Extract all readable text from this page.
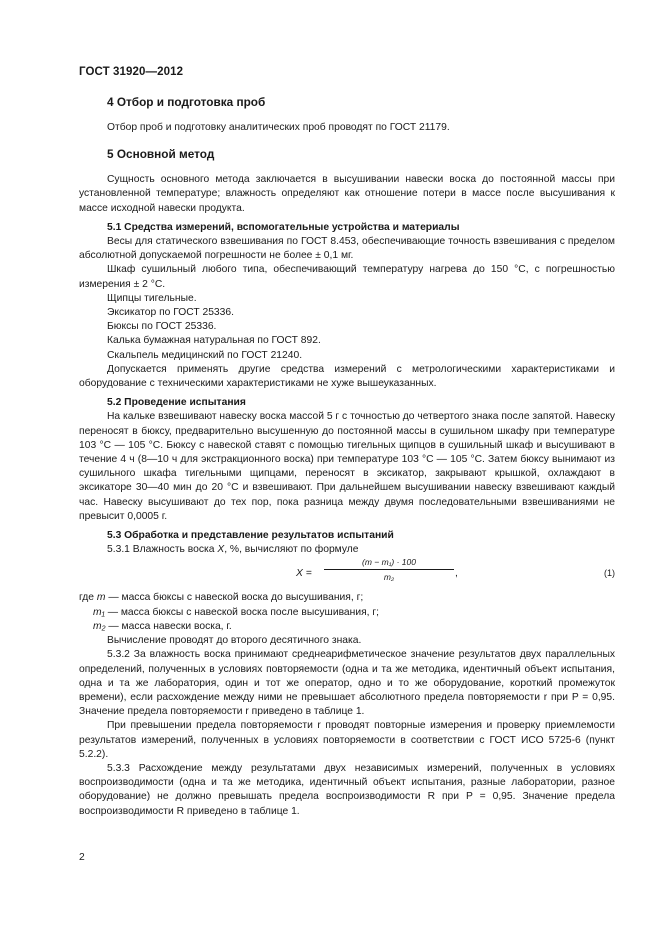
ГОСТ 31920—2012

4 Отбор и подготовка проб

Отбор проб и подготовку аналитических проб проводят по ГОСТ 21179.

5 Основной метод

Сущность основного метода заключается в высушивании навески воска до постоянной массы при установленной температуре; влажность определяют как отношение потери в массе после высушивания к массе исходной навески продукта.

5.1 Средства измерений, вспомогательные устройства и материалы

Весы для статического взвешивания по ГОСТ 8.453, обеспечивающие точность взвешивания с пределом абсолютной допускаемой погрешности не более ± 0,1 мг.

Шкаф сушильный любого типа, обеспечивающий температуру нагрева до 150 °С, с погрешностью измерения ± 2 °С.

Щипцы тигельные.

Эксикатор по ГОСТ 25336.

Бюксы по ГОСТ 25336.

Калька бумажная натуральная по ГОСТ 892.

Скальпель медицинский по ГОСТ 21240.

Допускается применять другие средства измерений с метрологическими характеристиками и оборудование с техническими характеристиками не хуже вышеуказанных.

5.2 Проведение испытания

На кальке взвешивают навеску воска массой 5 г с точностью до четвертого знака после запятой. Навеску переносят в бюксу, предварительно высушенную до постоянной массы в сушильном шкафу при температуре 103 °С — 105 °С. Бюксу с навеской ставят с помощью тигельных щипцов в сушильный шкаф и высушивают в течение 4 ч (8—10 ч для экстракционного воска) при температуре 103 °С — 105 °С. Затем бюксу вынимают из сушильного шкафа тигельными щипцами, переносят в эксикатор, закрывают крышкой, охлаждают в эксикаторе 30—40 мин до 20 °С и взвешивают. При дальнейшем высушивании навеску взвешивают каждый час. Навеску высушивают до тех пор, пока разница между двумя последовательными взвешиваниями не превысит 0,0005 г.

5.3 Обработка и представление результатов испытаний

5.3.1 Влажность воска X, %, вычисляют по формуле

$X = \frac{\text{(m − m₁) · 100}}{\text{m₂}}$ ,	(1)

где m — масса бюксы с навеской воска до высушивания, г;

m₁ — масса бюксы с навеской воска после высушивания, г;

m₂ — масса навески воска, г.

Вычисление проводят до второго десятичного знака.

5.3.2 За влажность воска принимают среднеарифметическое значение результатов двух параллельных определений, полученных в условиях повторяемости (одна и та же методика, идентичный объект испытания, одна и та же лаборатория, один и тот же оператор, одно и то же оборудование, короткий промежуток времени), если расхождение между ними не превышает абсолютного предела повторяемости r при P = 0,95. Значение предела повторяемости r приведено в таблице 1.

При превышении предела повторяемости r проводят повторные измерения и проверку приемлемости результатов измерений, полученных в условиях повторяемости в соответствии с ГОСТ ИСО 5725-6 (пункт 5.2.2).

5.3.3 Расхождение между результатами двух независимых измерений, полученных в условиях воспроизводимости (одна и та же методика, идентичный объект испытания, разные лаборатории, разное оборудование) не должно превышать предела воспроизводимости R при P = 0,95. Значение предела воспроизводимости R приведено в таблице 1.

2
